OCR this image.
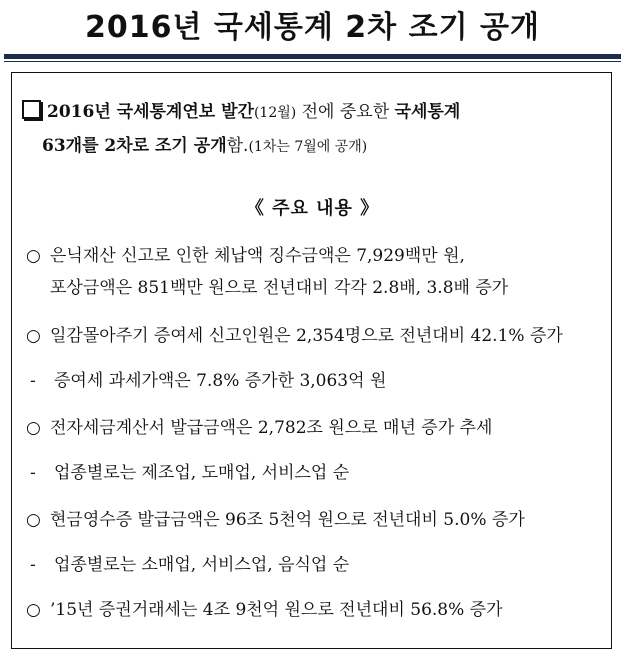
2016년 국세통계 2차 조기 공개
2016년 국세통계연보 발간(12월) 전에 중요한 국세통계
63개를 2차로 조기 공개함.(1차는 7월에 공개)
《 주요 내용 》
○ 은닉재산 신고로 인한 체납액 징수금액은 7,929백만 원,
포상금액은 851백만 원으로 전년대비 각각 2.8배, 3.8배 증가
○ 일감몰아주기 증여세 신고인원은 2,354명으로 전년대비 42.1% 증가
- 증여세 과세가액은 7.8% 증가한 3,063억 원
○ 전자세금계산서 발급금액은 2,782조 원으로 매년 증가 추세
- 업종별로는 제조업, 도매업, 서비스업 순
○ 현금영수증 발급금액은 96조 5천억 원으로 전년대비 5.0% 증가
- 업종별로는 소매업, 서비스업, 음식업 순
○ ’15년 증권거래세는 4조 9천억 원으로 전년대비 56.8% 증가
